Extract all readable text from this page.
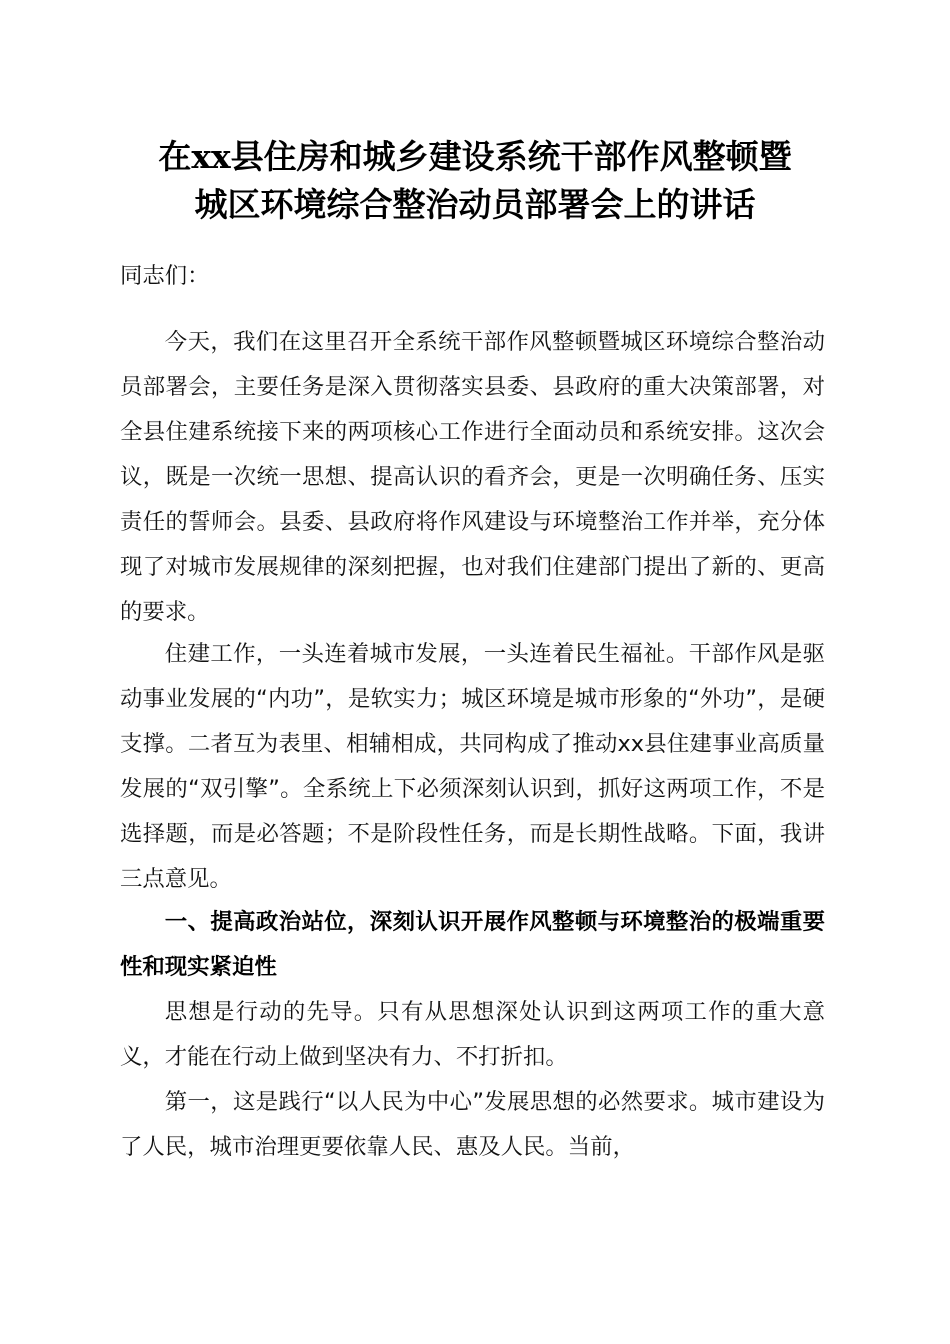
在xx县住房和城乡建设系统干部作风整顿暨
城区环境综合整治动员部署会上的讲话

同志们：

今天，我们在这里召开全系统干部作风整顿暨城区环境综合整治动员部署会，主要任务是深入贯彻落实县委、县政府的重大决策部署，对全县住建系统接下来的两项核心工作进行全面动员和系统安排。这次会议，既是一次统一思想、提高认识的看齐会，更是一次明确任务、压实责任的誓师会。县委、县政府将作风建设与环境整治工作并举，充分体现了对城市发展规律的深刻把握，也对我们住建部门提出了新的、更高的要求。

住建工作，一头连着城市发展，一头连着民生福祉。干部作风是驱动事业发展的“内功”，是软实力；城区环境是城市形象的“外功”，是硬支撑。二者互为表里、相辅相成，共同构成了推动xx县住建事业高质量发展的“双引擎”。全系统上下必须深刻认识到，抓好这两项工作，不是选择题，而是必答题；不是阶段性任务，而是长期性战略。下面，我讲三点意见。

一、提高政治站位，深刻认识开展作风整顿与环境整治的极端重要性和现实紧迫性

思想是行动的先导。只有从思想深处认识到这两项工作的重大意义，才能在行动上做到坚决有力、不打折扣。

第一，这是践行“以人民为中心”发展思想的必然要求。城市建设为了人民，城市治理更要依靠人民、惠及人民。当前，
